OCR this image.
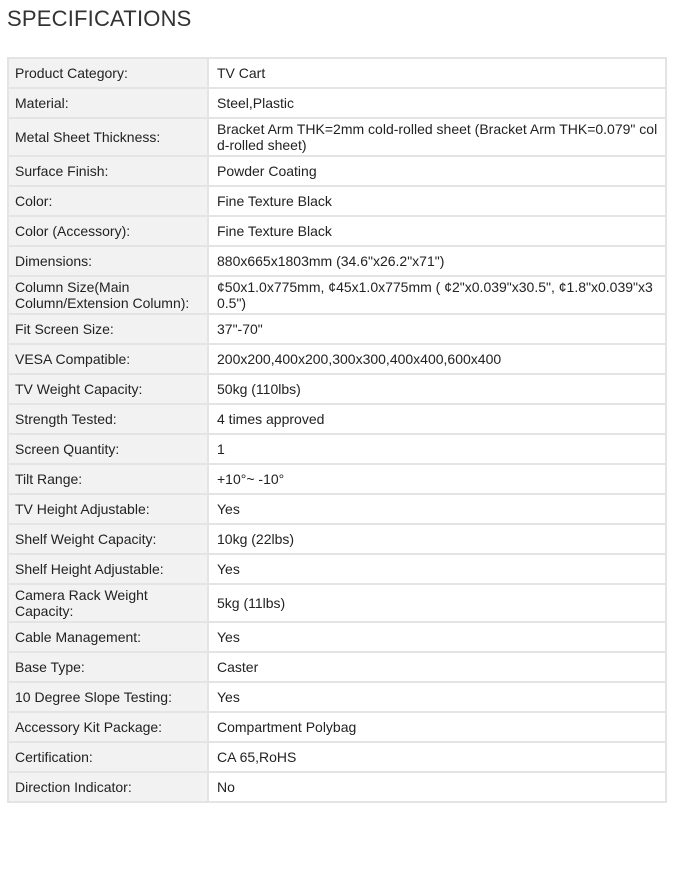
SPECIFICATIONS
Product Category:	TV Cart
Material:	Steel,Plastic
Metal Sheet Thickness:	Bracket Arm THK=2mm cold-rolled sheet (Bracket Arm THK=0.079" cold-rolled sheet)
Surface Finish:	Powder Coating
Color:	Fine Texture Black
Color (Accessory):	Fine Texture Black
Dimensions:	880x665x1803mm (34.6"x26.2"x71")
Column Size(Main Column/Extension Column):	¢50x1.0x775mm, ¢45x1.0x775mm ( ¢2"x0.039"x30.5", ¢1.8"x0.039"x30.5")
Fit Screen Size:	37"-70"
VESA Compatible:	200x200,400x200,300x300,400x400,600x400
TV Weight Capacity:	50kg (110lbs)
Strength Tested:	4 times approved
Screen Quantity:	1
Tilt Range:	+10°~ -10°
TV Height Adjustable:	Yes
Shelf Weight Capacity:	10kg (22lbs)
Shelf Height Adjustable:	Yes
Camera Rack Weight Capacity:	5kg (11lbs)
Cable Management:	Yes
Base Type:	Caster
10 Degree Slope Testing:	Yes
Accessory Kit Package:	Compartment Polybag
Certification:	CA 65,RoHS
Direction Indicator:	No
